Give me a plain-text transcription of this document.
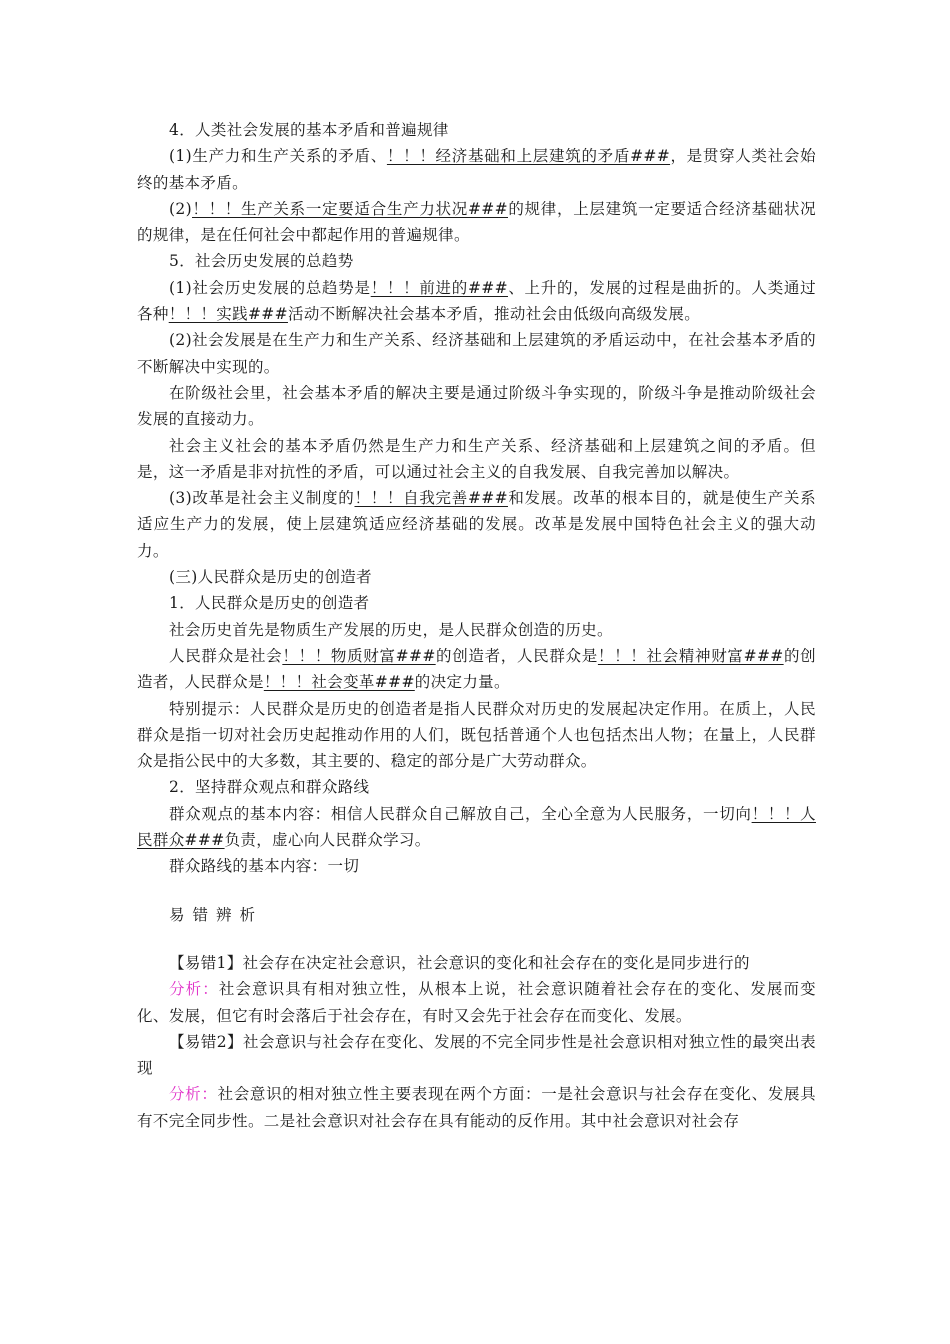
4．人类社会发展的基本矛盾和普遍规律

(1)生产力和生产关系的矛盾、！！！经济基础和上层建筑的矛盾###，是贯穿人类社会始终的基本矛盾。

(2)！！！生产关系一定要适合生产力状况###的规律，上层建筑一定要适合经济基础状况的规律，是在任何社会中都起作用的普遍规律。

5．社会历史发展的总趋势

(1)社会历史发展的总趋势是！！！前进的###、上升的，发展的过程是曲折的。人类通过各种！！！实践###活动不断解决社会基本矛盾，推动社会由低级向高级发展。

(2)社会发展是在生产力和生产关系、经济基础和上层建筑的矛盾运动中，在社会基本矛盾的不断解决中实现的。

在阶级社会里，社会基本矛盾的解决主要是通过阶级斗争实现的，阶级斗争是推动阶级社会发展的直接动力。

社会主义社会的基本矛盾仍然是生产力和生产关系、经济基础和上层建筑之间的矛盾。但是，这一矛盾是非对抗性的矛盾，可以通过社会主义的自我发展、自我完善加以解决。

(3)改革是社会主义制度的！！！自我完善###和发展。改革的根本目的，就是使生产关系适应生产力的发展，使上层建筑适应经济基础的发展。改革是发展中国特色社会主义的强大动力。

(三)人民群众是历史的创造者

1．人民群众是历史的创造者

社会历史首先是物质生产发展的历史，是人民群众创造的历史。

人民群众是社会！！！物质财富###的创造者，人民群众是！！！社会精神财富###的创造者，人民群众是！！！社会变革###的决定力量。

特别提示：人民群众是历史的创造者是指人民群众对历史的发展起决定作用。在质上，人民群众是指一切对社会历史起推动作用的人们，既包括普通个人也包括杰出人物；在量上，人民群众是指公民中的大多数，其主要的、稳定的部分是广大劳动群众。

2．坚持群众观点和群众路线

群众观点的基本内容：相信人民群众自己解放自己，全心全意为人民服务，一切向！！！人民群众###负责，虚心向人民群众学习。

群众路线的基本内容：一切

易错辨析

【易错1】社会存在决定社会意识，社会意识的变化和社会存在的变化是同步进行的

分析：社会意识具有相对独立性，从根本上说，社会意识随着社会存在的变化、发展而变化、发展，但它有时会落后于社会存在，有时又会先于社会存在而变化、发展。

【易错2】社会意识与社会存在变化、发展的不完全同步性是社会意识相对独立性的最突出表现

分析：社会意识的相对独立性主要表现在两个方面：一是社会意识与社会存在变化、发展具有不完全同步性。二是社会意识对社会存在具有能动的反作用。其中社会意识对社会存
